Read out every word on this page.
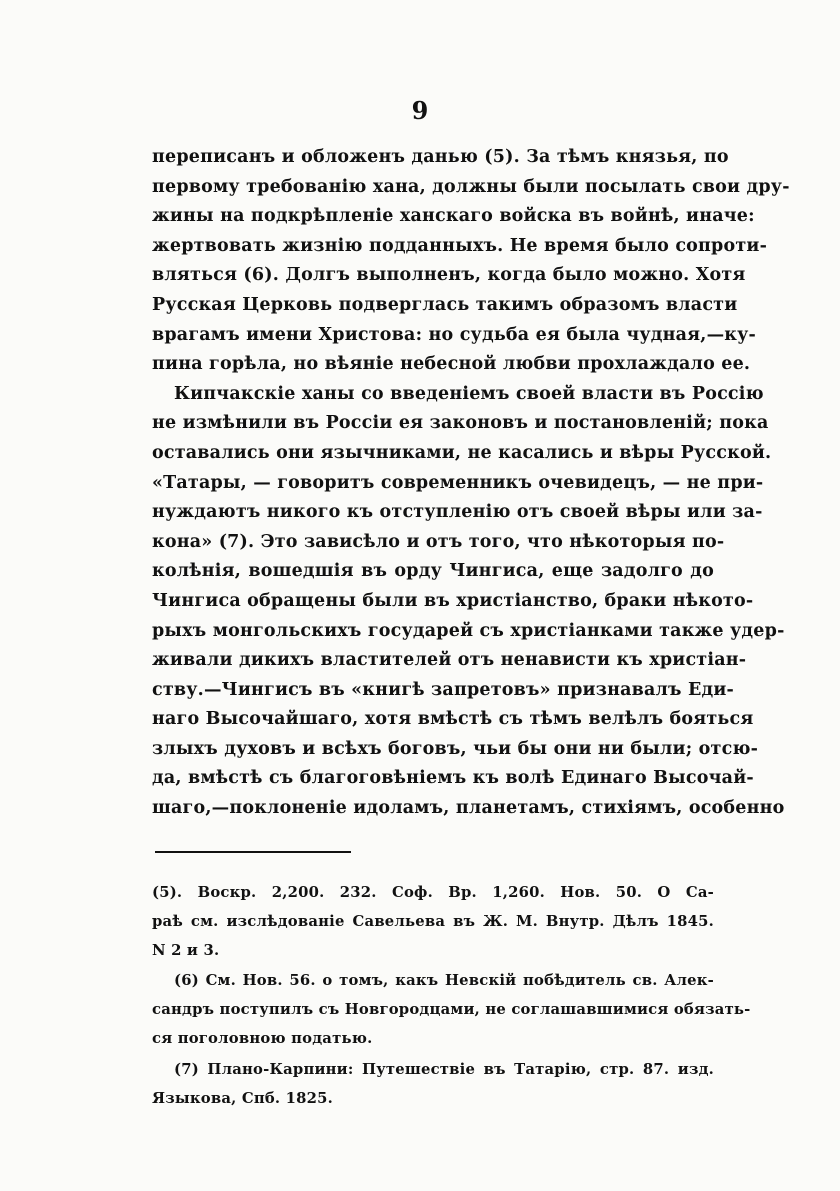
9
переписанъ и обложенъ данью (5). За тѣмъ князья, по
первому требованію хана, должны были посылать свои дру-
жины на подкрѣпленіе ханскаго войска въ войнѣ, иначе:
жертвовать жизнію подданныхъ. Не время было сопроти-
вляться (6). Долгъ выполненъ, когда было можно. Хотя
Русская Церковь подверглась такимъ образомъ власти
врагамъ имени Христова: но судьба ея была чудная,—ку-
пина горѣла, но вѣяніе небесной любви прохлаждало ее.
Кипчакскіе ханы со введеніемъ своей власти въ Россію
не измѣнили въ Россіи ея законовъ и постановленій; пока
оставались они язычниками, не касались и вѣры Русской.
«Татары, — говоритъ современникъ очевидецъ, — не при-
нуждаютъ никого къ отступленію отъ своей вѣры или за-
кона» (7). Это зависѣло и отъ того, что нѣкоторыя по-
колѣнія, вошедшія въ орду Чингиса, еще задолго до
Чингиса обращены были въ христіанство, браки нѣкото-
рыхъ монгольскихъ государей съ христіанками также удер-
живали дикихъ властителей отъ ненависти къ христіан-
ству.—Чингисъ въ «книгѣ запретовъ» признавалъ Еди-
наго Высочайшаго, хотя вмѣстѣ съ тѣмъ велѣлъ бояться
злыхъ духовъ и всѣхъ боговъ, чьи бы они ни были; отсю-
да, вмѣстѣ съ благоговѣніемъ къ волѣ Единаго Высочай-
шаго,—поклоненіе идоламъ, планетамъ, стихіямъ, особенно
(5). Воскр. 2,200. 232. Соф. Вр. 1,260. Нов. 50. О Са-
раѣ см. изслѣдованіе Савельева въ Ж. М. Внутр. Дѣлъ 1845.
N 2 и 3.
(6) См. Нов. 56. о томъ, какъ Невскій побѣдитель св. Алек-
сандръ поступилъ съ Новгородцами, не соглашавшимися обязать-
ся поголовною податью.
(7) Плано-Карпини: Путешествіе въ Татарію, стр. 87. изд.
Языкова, Спб. 1825.
